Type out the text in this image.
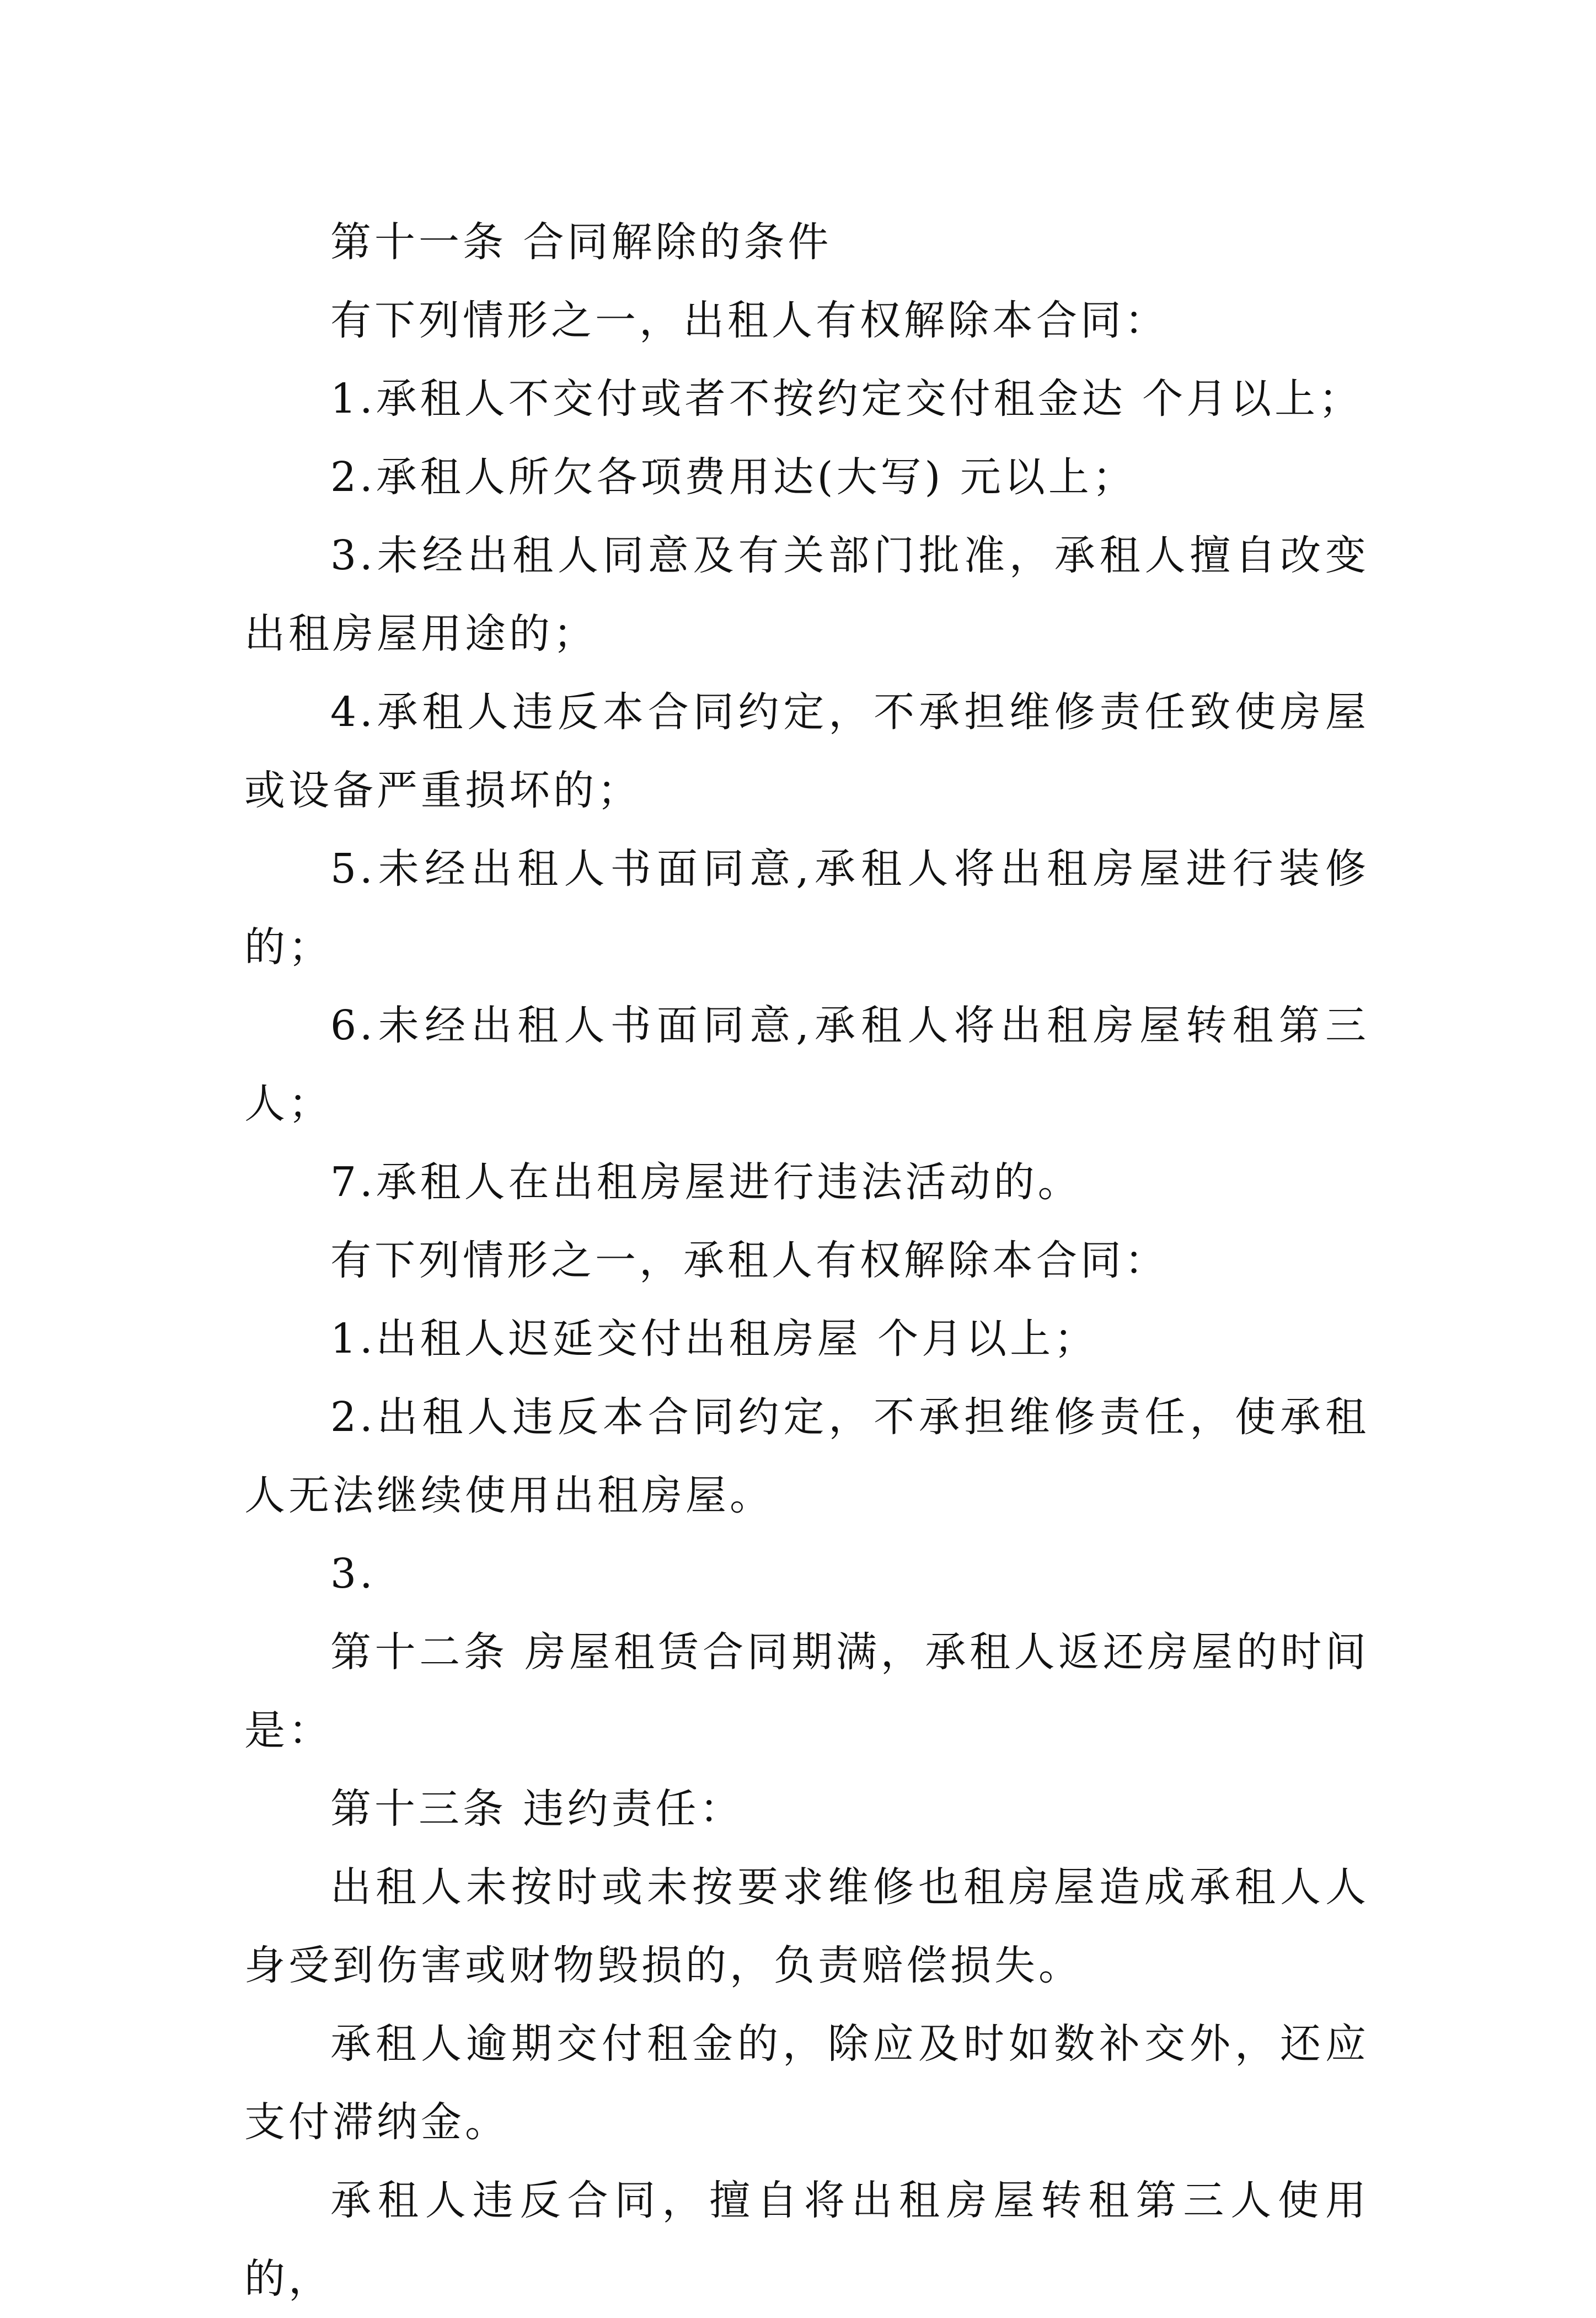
第十一条 合同解除的条件

有下列情形之一，出租人有权解除本合同：

1.承租人不交付或者不按约定交付租金达 个月以上；

2.承租人所欠各项费用达(大写) 元以上；

3.未经出租人同意及有关部门批准，承租人擅自改变出租房屋用途的；

4.承租人违反本合同约定，不承担维修责任致使房屋或设备严重损坏的；

5.未经出租人书面同意,承租人将出租房屋进行装修的；

6.未经出租人书面同意,承租人将出租房屋转租第三人；

7.承租人在出租房屋进行违法活动的。

有下列情形之一，承租人有权解除本合同：

1.出租人迟延交付出租房屋 个月以上；

2.出租人违反本合同约定，不承担维修责任，使承租人无法继续使用出租房屋。

3.

第十二条 房屋租赁合同期满，承租人返还房屋的时间是：

第十三条 违约责任：

出租人未按时或未按要求维修也租房屋造成承租人人身受到伤害或财物毁损的，负责赔偿损失。

承租人逾期交付租金的，除应及时如数补交外，还应支付滞纳金。

承租人违反合同，擅自将出租房屋转租第三人使用的，
